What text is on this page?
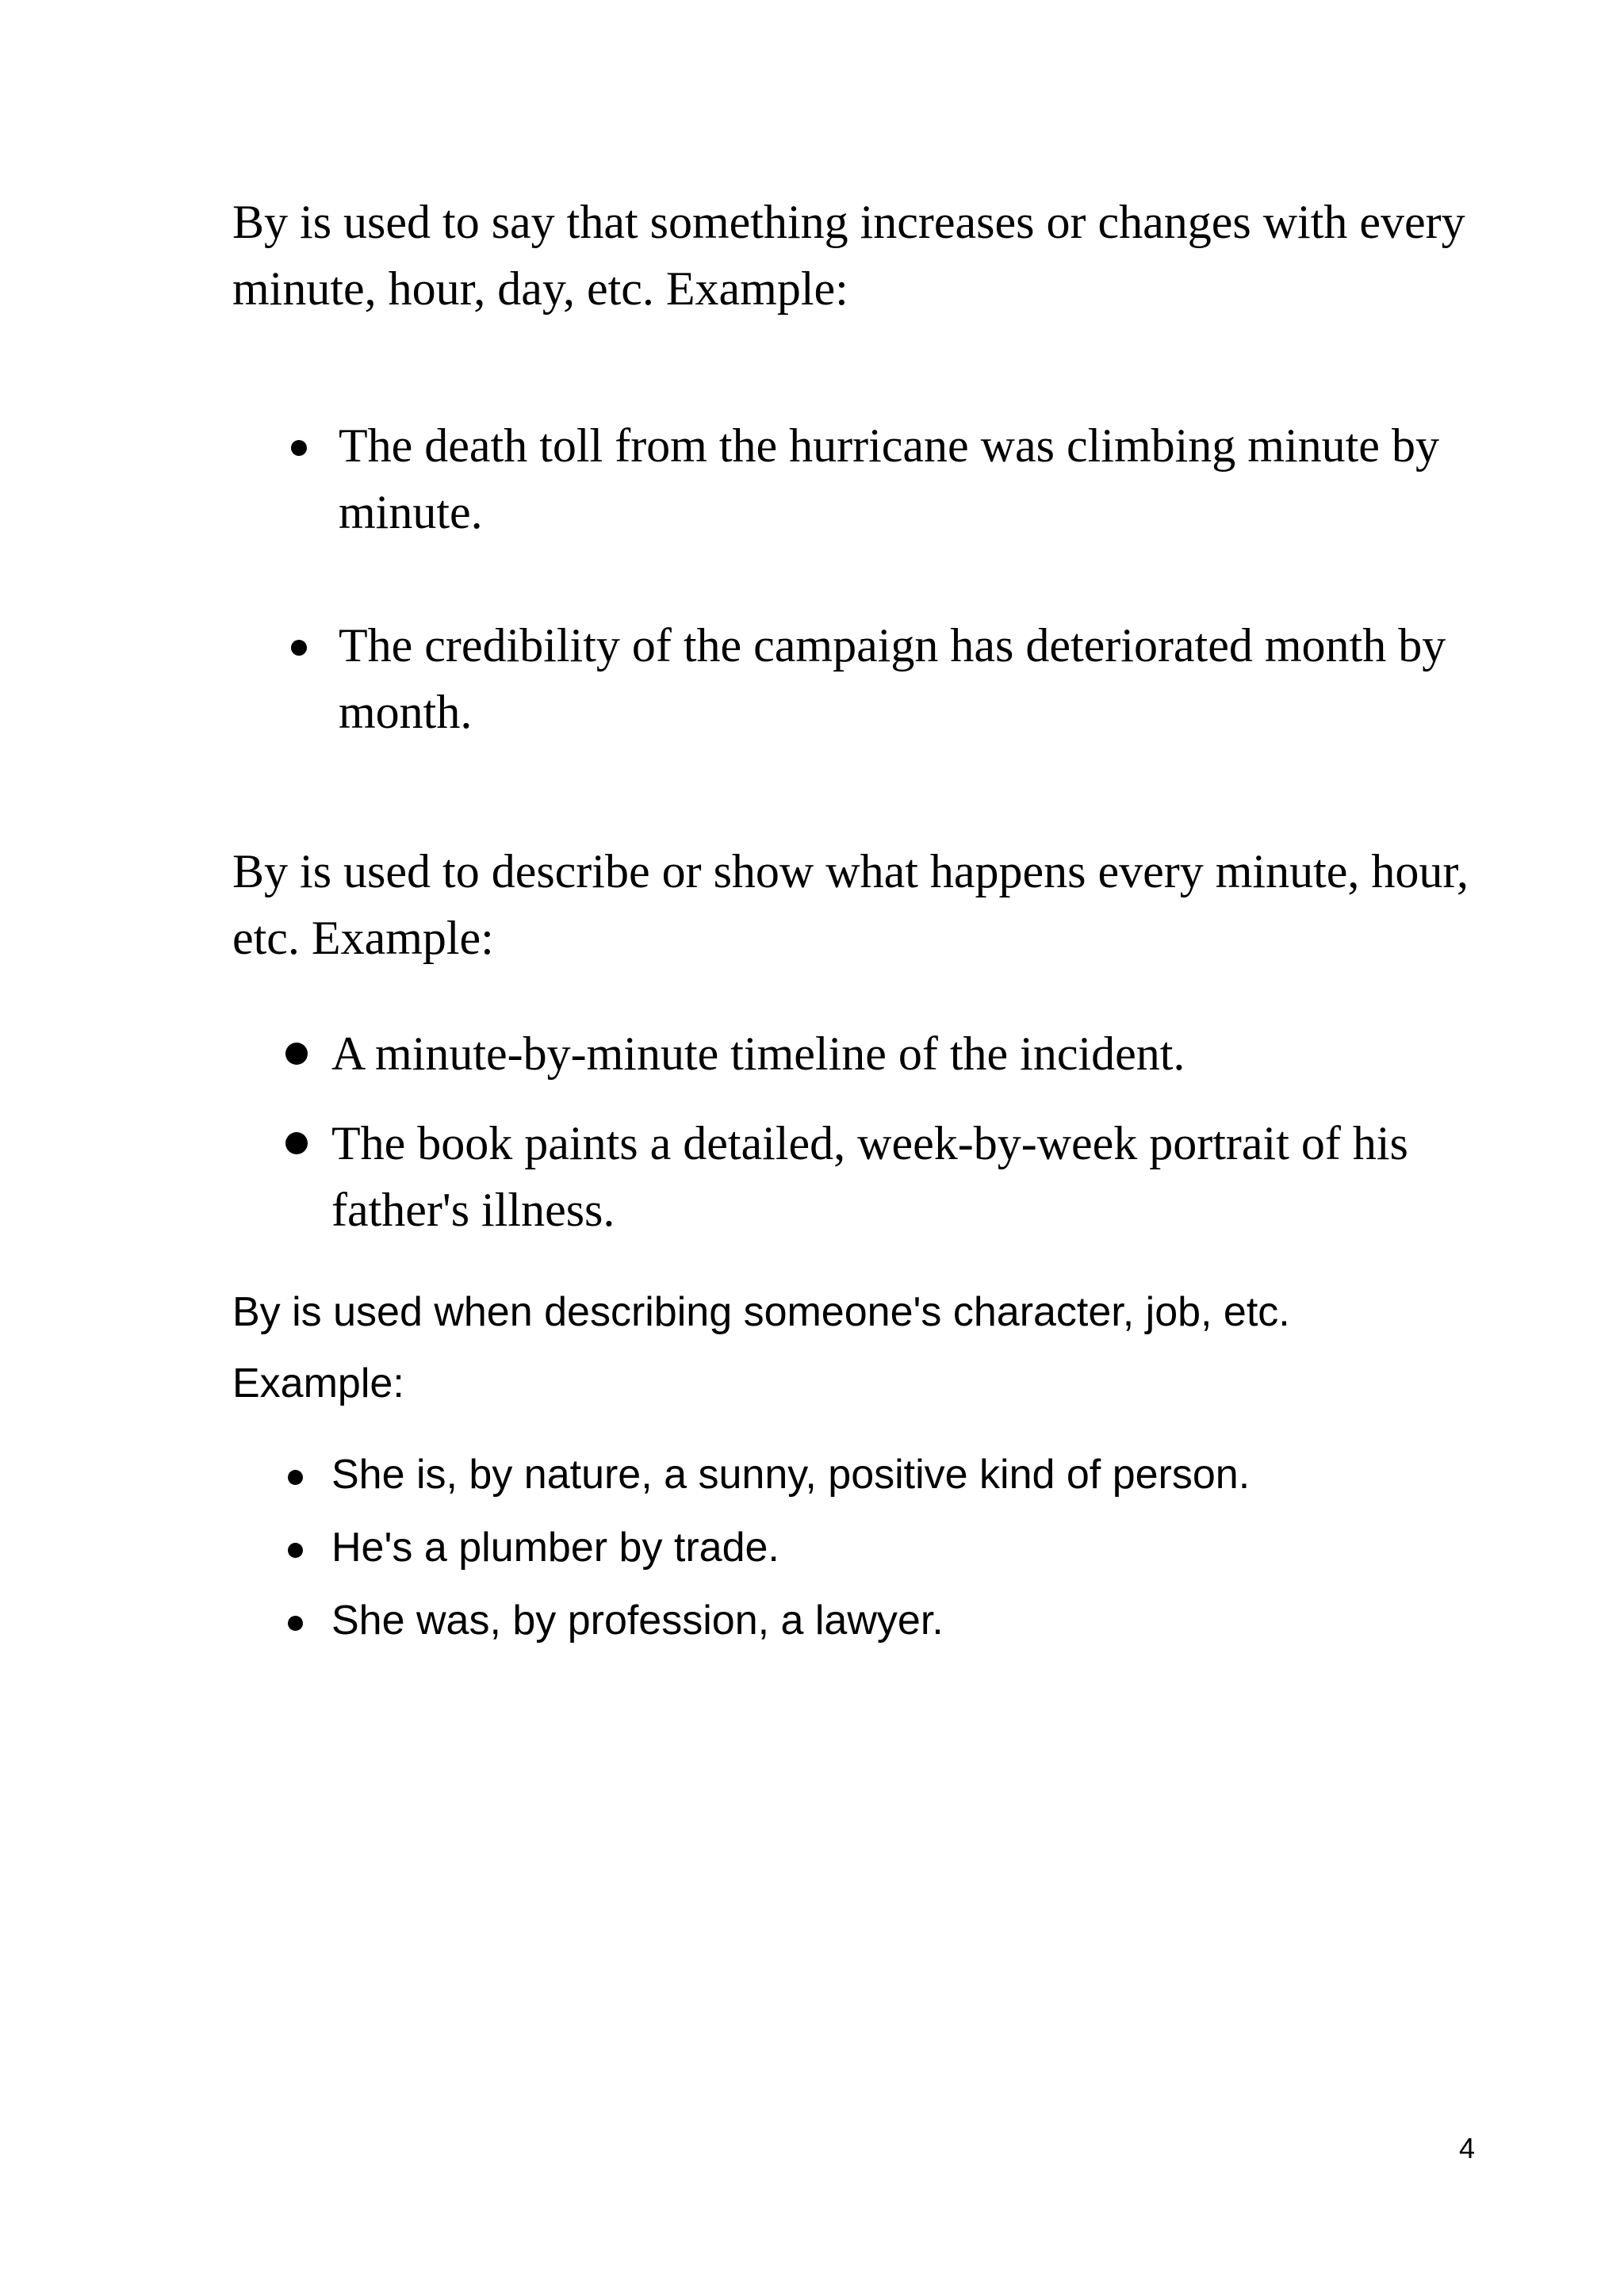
By is used to say that something increases or changes with every minute, hour, day, etc. Example:

The death toll from the hurricane was climbing minute by minute.
The credibility of the campaign has deteriorated month by month.

By is used to describe or show what happens every minute, hour, etc. Example:

A minute-by-minute timeline of the incident.
The book paints a detailed, week-by-week portrait of his father's illness.

By is used when describing someone's character, job, etc. Example:

She is, by nature, a sunny, positive kind of person.
He's a plumber by trade.
She was, by profession, a lawyer.
4
